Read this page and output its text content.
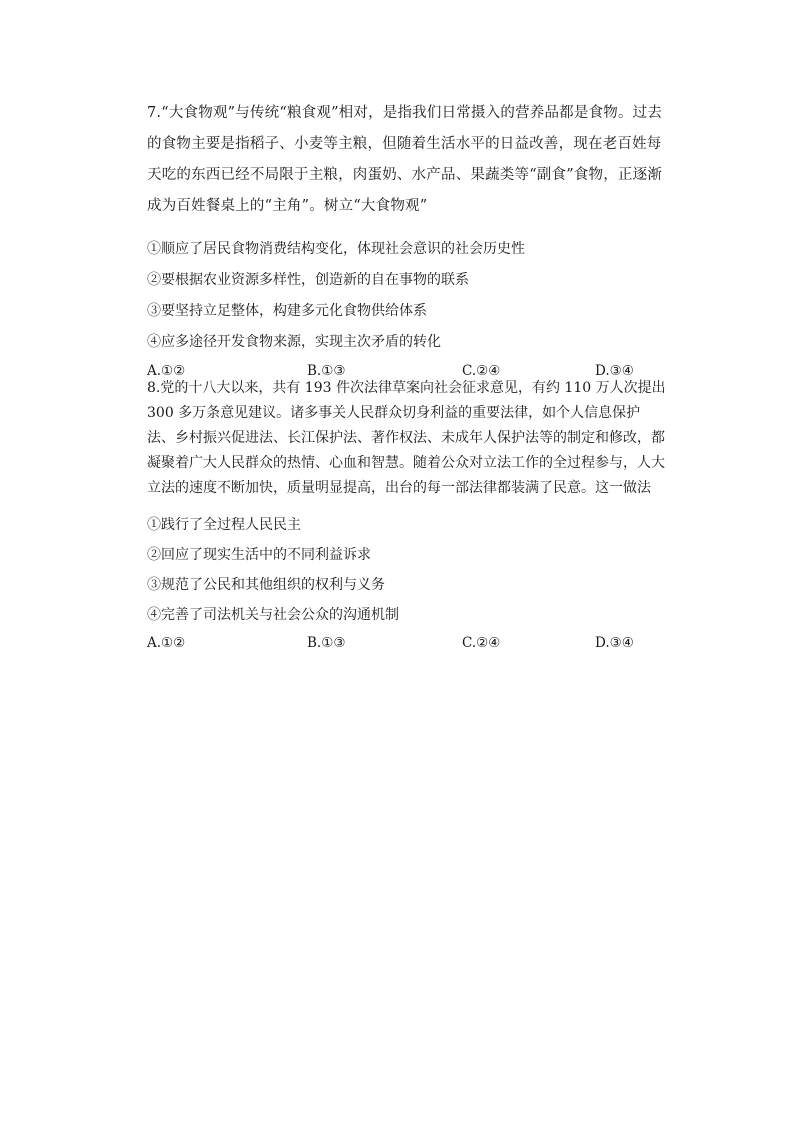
7.“大食物观”与传统“粮食观”相对，是指我们日常摄入的营养品都是食物。过去的食物主要是指稻子、小麦等主粮，但随着生活水平的日益改善，现在老百姓每天吃的东西已经不局限于主粮，肉蛋奶、水产品、果蔬类等“副食”食物，正逐渐成为百姓餐桌上的“主角”。树立“大食物观”

①顺应了居民食物消费结构变化，体现社会意识的社会历史性

②要根据农业资源多样性，创造新的自在事物的联系

③要坚持立足整体，构建多元化食物供给体系

④应多途径开发食物来源，实现主次矛盾的转化

A.①②	B.①③	C.②④	D.③④

8.党的十八大以来，共有 193 件次法律草案向社会征求意见，有约 110 万人次提出 300 多万条意见建议。诸多事关人民群众切身利益的重要法律，如个人信息保护法、乡村振兴促进法、长江保护法、著作权法、未成年人保护法等的制定和修改，都凝聚着广大人民群众的热情、心血和智慧。随着公众对立法工作的全过程参与，人大立法的速度不断加快，质量明显提高，出台的每一部法律都装满了民意。这一做法

①践行了全过程人民民主

②回应了现实生活中的不同利益诉求

③规范了公民和其他组织的权利与义务

④完善了司法机关与社会公众的沟通机制

A.①②	B.①③	C.②④	D.③④
